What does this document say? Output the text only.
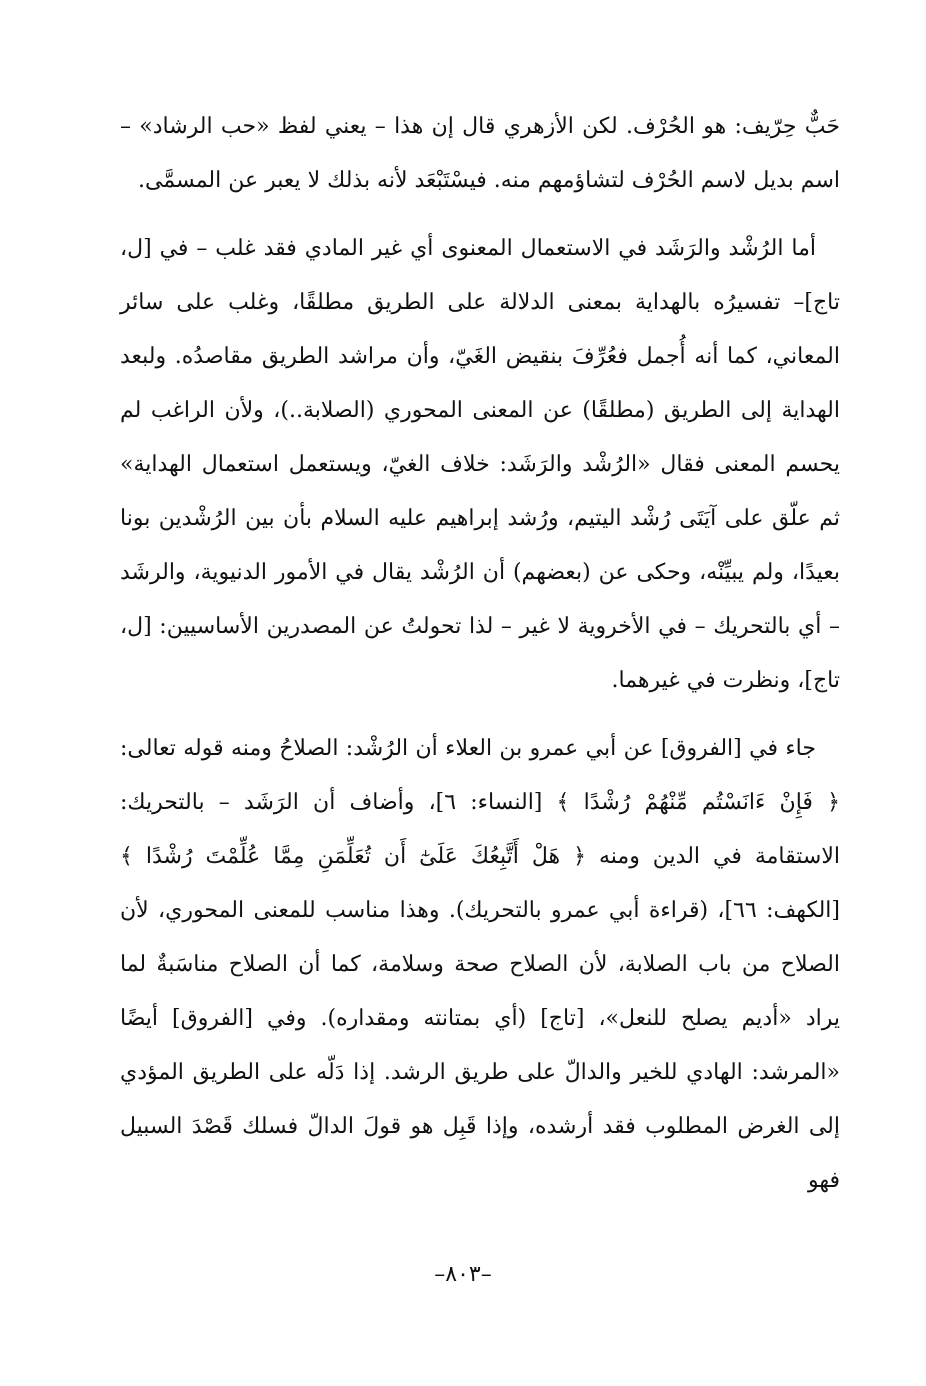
حَبٌّ حِرّيف: هو الحُرْف. لكن الأزهري قال إن هذا – يعني لفظ «حب الرشاد» – اسم بديل لاسم الحُرْف لتشاؤمهم منه. فيسْتَبْعَد لأنه بذلك لا يعبر عن المسمَّى.

أما الرُشْد والرَشَد في الاستعمال المعنوى أي غير المادي فقد غلب – في [ل، تاج]– تفسيرُه بالهداية بمعنى الدلالة على الطريق مطلقًا، وغلب على سائر المعاني، كما أنه أُجمل فعُرِّفَ بنقيض الغَيّ، وأن مراشد الطريق مقاصدُه. ولبعد الهداية إلى الطريق (مطلقًا) عن المعنى المحوري (الصلابة..)، ولأن الراغب لم يحسم المعنى فقال «الرُشْد والرَشَد: خلاف الغيّ، ويستعمل استعمال الهداية» ثم علّق على آيَتَى رُشْد اليتيم، ورُشد إبراهيم عليه السلام بأن بين الرُشْدين بونا بعيدًا، ولم يبيِّنْه، وحكى عن (بعضهم) أن الرُشْد يقال في الأمور الدنيوية، والرشَد – أي بالتحريك – في الأخروية لا غير – لذا تحولتُ عن المصدرين الأساسيين: [ل، تاج]، ونظرت في غيرهما.

جاء في [الفروق] عن أبي عمرو بن العلاء أن الرُشْد: الصلاحُ ومنه قوله تعالى: ﴿ فَإِنْ ءَانَسْتُم مِّنْهُمْ رُشْدًا ﴾ [النساء: ٦]، وأضاف أن الرَشَد – بالتحريك: الاستقامة في الدين ومنه ﴿ هَلْ أَتَّبِعُكَ عَلَىٰٓ أَن تُعَلِّمَنِ مِمَّا عُلِّمْتَ رُشْدًا ﴾ [الكهف: ٦٦]، (قراءة أبي عمرو بالتحريك). وهذا مناسب للمعنى المحوري، لأن الصلاح من باب الصلابة، لأن الصلاح صحة وسلامة، كما أن الصلاح مناسَبةٌ لما يراد «أديم يصلح للنعل»، [تاج] (أي بمتانته ومقداره). وفي [الفروق] أيضًا «المرشد: الهادي للخير والدالّ على طريق الرشد. إذا دَلّه على الطريق المؤدي إلى الغرض المطلوب فقد أرشده، وإذا قَبِل هو قولَ الدالّ فسلك قَصْدَ السبيل فهو

–٨٠٣–
